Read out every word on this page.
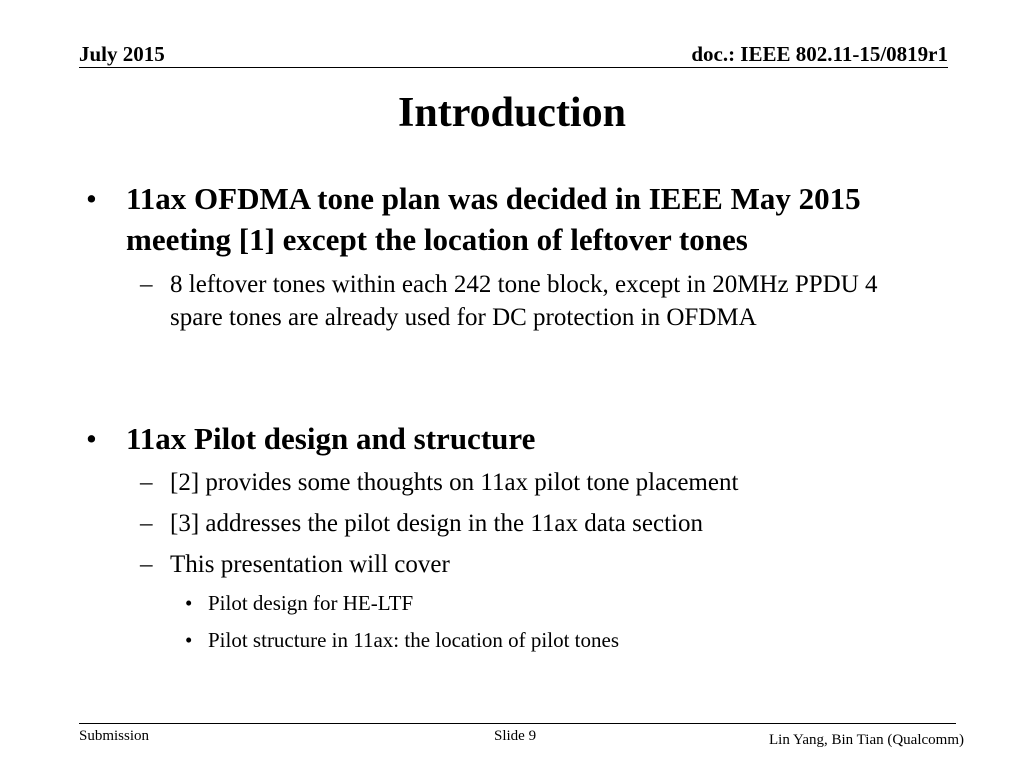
July 2015	doc.: IEEE 802.11-15/0819r1
Introduction
• 11ax OFDMA tone plan was decided in IEEE May 2015 meeting [1] except the location of leftover tones
– 8 leftover tones within each 242 tone block, except in 20MHz PPDU 4 spare tones are already used for DC protection in OFDMA
• 11ax Pilot design and structure
– [2] provides some thoughts on 11ax pilot tone placement
– [3] addresses the pilot design in the 11ax data section
– This presentation will cover
• Pilot design for HE-LTF
• Pilot structure in 11ax: the location of pilot tones
Submission	Slide 9	Lin Yang, Bin Tian (Qualcomm)
